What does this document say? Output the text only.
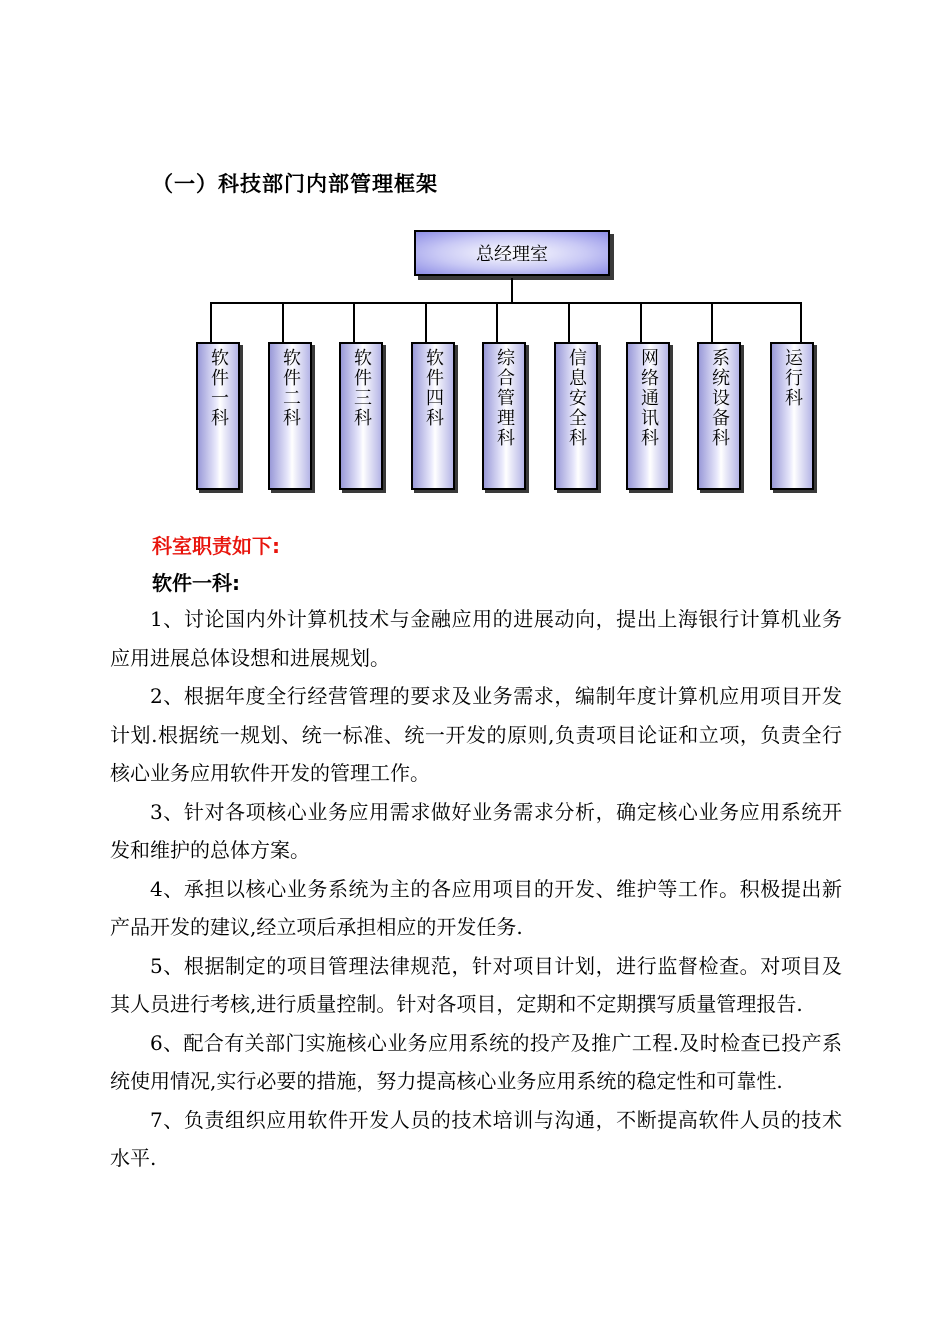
（一）科技部门内部管理框架
总经理室
软件一科	软件二科	软件三科	软件四科	综合管理科	信息安全科	网络通讯科	系统设备科	运行科
科室职责如下:
软件一科:

1、讨论国内外计算机技术与金融应用的进展动向，提出上海银行计算机业务应用进展总体设想和进展规划。

2、根据年度全行经营管理的要求及业务需求，编制年度计算机应用项目开发计划.根据统一规划、统一标准、统一开发的原则,负责项目论证和立项，负责全行核心业务应用软件开发的管理工作。

3、针对各项核心业务应用需求做好业务需求分析，确定核心业务应用系统开发和维护的总体方案。

4、承担以核心业务系统为主的各应用项目的开发、维护等工作。积极提出新产品开发的建议,经立项后承担相应的开发任务.

5、根据制定的项目管理法律规范，针对项目计划，进行监督检查。对项目及其人员进行考核,进行质量控制。针对各项目，定期和不定期撰写质量管理报告.

6、配合有关部门实施核心业务应用系统的投产及推广工程.及时检查已投产系统使用情况,实行必要的措施，努力提高核心业务应用系统的稳定性和可靠性.

7、负责组织应用软件开发人员的技术培训与沟通，不断提高软件人员的技术水平.
